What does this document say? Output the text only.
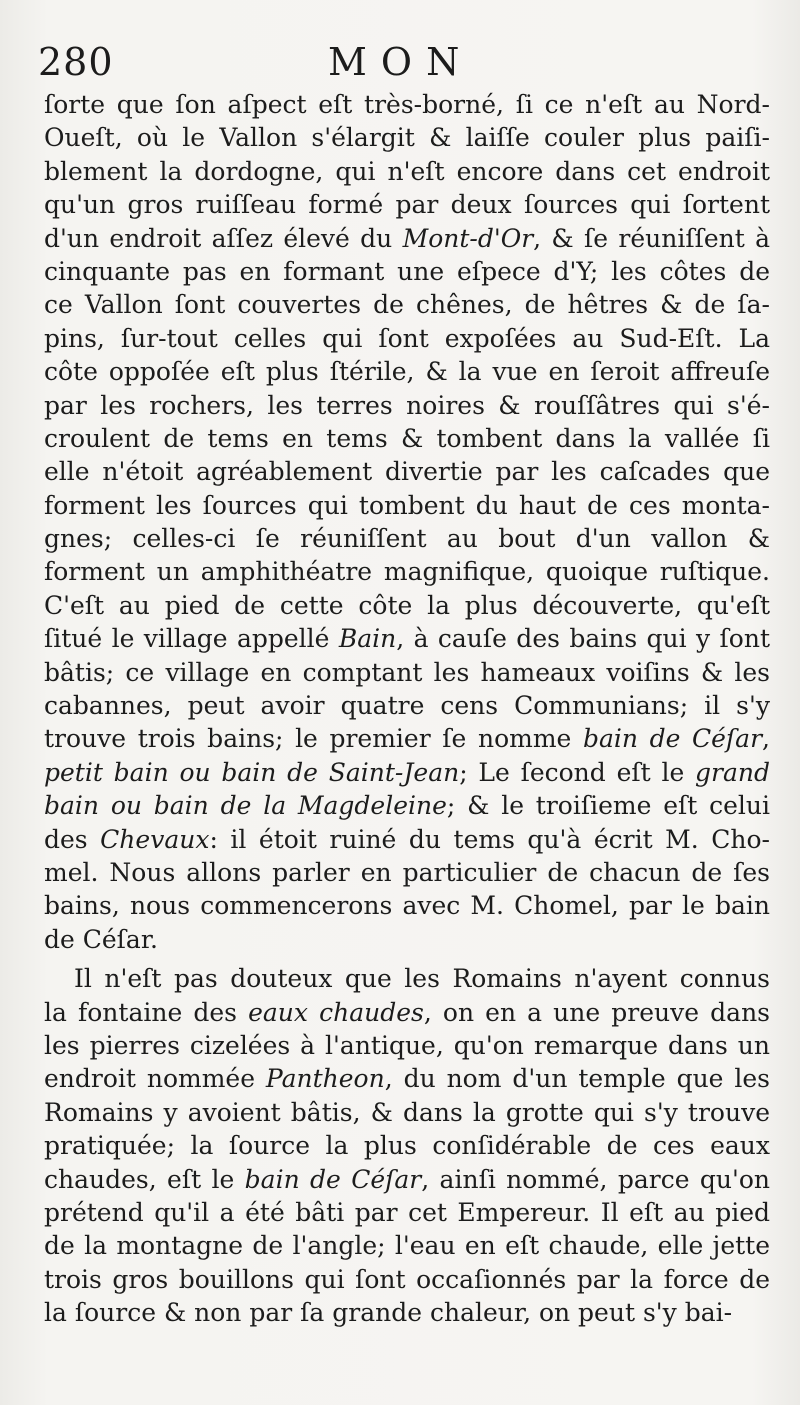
280	MON
ſorte que ſon aſpect eſt très-borné, ſi ce n'eſt au Nord-
Oueſt, où le Vallon s'élargit & laiſſe couler plus paiſi-
blement la dordogne, qui n'eſt encore dans cet endroit
qu'un gros ruiſſeau formé par deux ſources qui ſortent
d'un endroit aſſez élevé du Mont-d'Or, & ſe réuniſſent à
cinquante pas en formant une eſpece d'Y; les côtes de
ce Vallon ſont couvertes de chênes, de hêtres & de ſa-
pins, ſur-tout celles qui ſont expoſées au Sud-Eſt. La
côte oppoſée eſt plus ſtérile, & la vue en ſeroit affreuſe
par les rochers, les terres noires & rouſſâtres qui s'é-
croulent de tems en tems & tombent dans la vallée ſi
elle n'étoit agréablement divertie par les caſcades que
forment les ſources qui tombent du haut de ces monta-
gnes; celles-ci ſe réuniſſent au bout d'un vallon &
forment un amphithéatre magnifique, quoique ruſtique.
C'eſt au pied de cette côte la plus découverte, qu'eſt
ſitué le village appellé Bain, à cauſe des bains qui y ſont
bâtis; ce village en comptant les hameaux voiſins & les
cabannes, peut avoir quatre cens Communians; il s'y
trouve trois bains; le premier ſe nomme bain de Céſar,
petit bain ou bain de Saint-Jean; Le ſecond eſt le grand
bain ou bain de la Magdeleine; & le troiſieme eſt celui
des Chevaux: il étoit ruiné du tems qu'à écrit M. Cho-
mel. Nous allons parler en particulier de chacun de ſes
bains, nous commencerons avec M. Chomel, par le bain
de Céſar.
Il n'eſt pas douteux que les Romains n'ayent connus
la fontaine des eaux chaudes, on en a une preuve dans
les pierres cizelées à l'antique, qu'on remarque dans un
endroit nommée Pantheon, du nom d'un temple que les
Romains y avoient bâtis, & dans la grotte qui s'y trouve
pratiquée; la ſource la plus conſidérable de ces eaux
chaudes, eſt le bain de Céſar, ainſi nommé, parce qu'on
prétend qu'il a été bâti par cet Empereur. Il eſt au pied
de la montagne de l'angle; l'eau en eſt chaude, elle jette
trois gros bouillons qui ſont occaſionnés par la force de
la ſource & non par ſa grande chaleur, on peut s'y bai-
